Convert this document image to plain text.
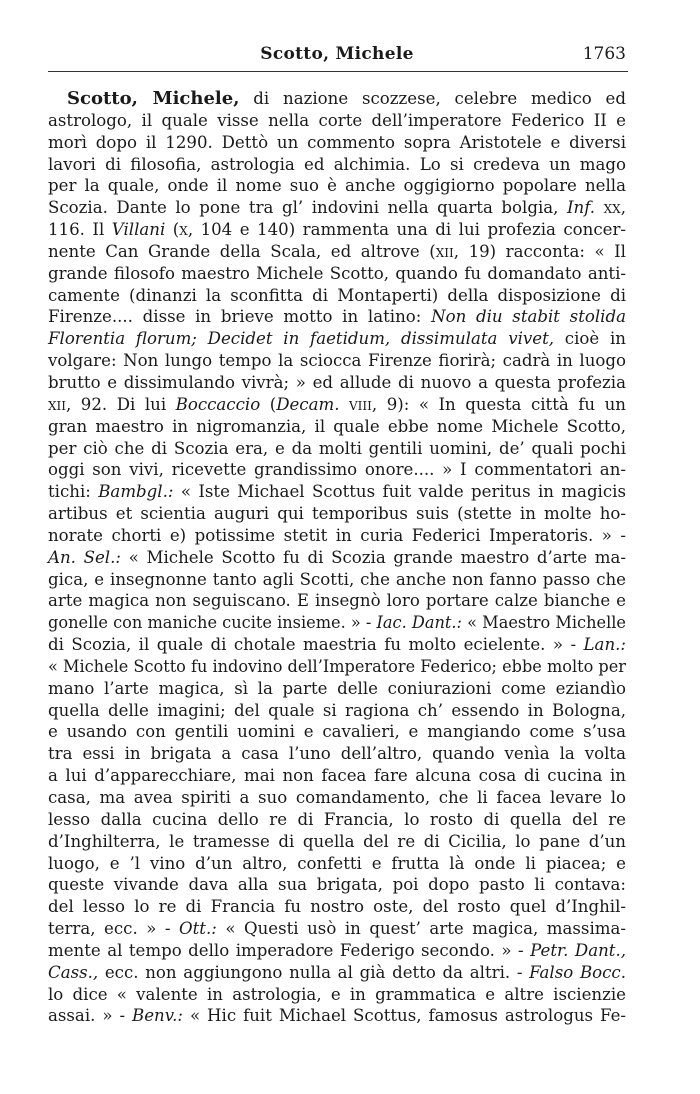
Scotto, Michele	1763
Scotto, Michele, di nazione scozzese, celebre medico ed
astrologo, il quale visse nella corte dell’imperatore Federico II e
morì dopo il 1290. Dettò un commento sopra Aristotele e diversi
lavori di filosofia, astrologia ed alchimia. Lo si credeva un mago
per la quale, onde il nome suo è anche oggigiorno popolare nella
Scozia. Dante lo pone tra gl’ indovini nella quarta bolgia, Inf. xx,
116. Il Villani (x, 104 e 140) rammenta una di lui profezia concer-
nente Can Grande della Scala, ed altrove (xii, 19) racconta: « Il
grande filosofo maestro Michele Scotto, quando fu domandato anti-
camente (dinanzi la sconfitta di Montaperti) della disposizione di
Firenze.... disse in brieve motto in latino: Non diu stabit stolida
Florentia florum; Decidet in faetidum, dissimulata vivet, cioè in
volgare: Non lungo tempo la sciocca Firenze fiorirà; cadrà in luogo
brutto e dissimulando vivrà; » ed allude di nuovo a questa profezia
xii, 92. Di lui Boccaccio (Decam. viii, 9): « In questa città fu un
gran maestro in nigromanzia, il quale ebbe nome Michele Scotto,
per ciò che di Scozia era, e da molti gentili uomini, de’ quali pochi
oggi son vivi, ricevette grandissimo onore.... » I commentatori an-
tichi: Bambgl.: « Iste Michael Scottus fuit valde peritus in magicis
artibus et scientia auguri qui temporibus suis (stette in molte ho-
norate chorti e) potissime stetit in curia Federici Imperatoris. » -
An. Sel.: « Michele Scotto fu di Scozia grande maestro d’arte ma-
gica, e insegnonne tanto agli Scotti, che anche non fanno passo che
arte magica non seguiscano. E insegnò loro portare calze bianche e
gonelle con maniche cucite insieme. » - Iac. Dant.: « Maestro Michelle
di Scozia, il quale di chotale maestria fu molto ecielente. » - Lan.:
« Michele Scotto fu indovino dell’Imperatore Federico; ebbe molto per
mano l’arte magica, sì la parte delle coniurazioni come eziandìo
quella delle imagini; del quale si ragiona ch’ essendo in Bologna,
e usando con gentili uomini e cavalieri, e mangiando come s’usa
tra essi in brigata a casa l’uno dell’altro, quando venìa la volta
a lui d’apparecchiare, mai non facea fare alcuna cosa di cucina in
casa, ma avea spiriti a suo comandamento, che li facea levare lo
lesso dalla cucina dello re di Francia, lo rosto di quella del re
d’Inghilterra, le tramesse di quella del re di Cicilia, lo pane d’un
luogo, e ’l vino d’un altro, confetti e frutta là onde li piacea; e
queste vivande dava alla sua brigata, poi dopo pasto li contava:
del lesso lo re di Francia fu nostro oste, del rosto quel d’Inghil-
terra, ecc. » - Ott.: « Questi usò in quest’ arte magica, massima-
mente al tempo dello imperadore Federigo secondo. » - Petr. Dant.,
Cass., ecc. non aggiungono nulla al già detto da altri. - Falso Bocc.
lo dice « valente in astrologia, e in grammatica e altre iscienzie
assai. » - Benv.: « Hic fuit Michael Scottus, famosus astrologus Fe-
